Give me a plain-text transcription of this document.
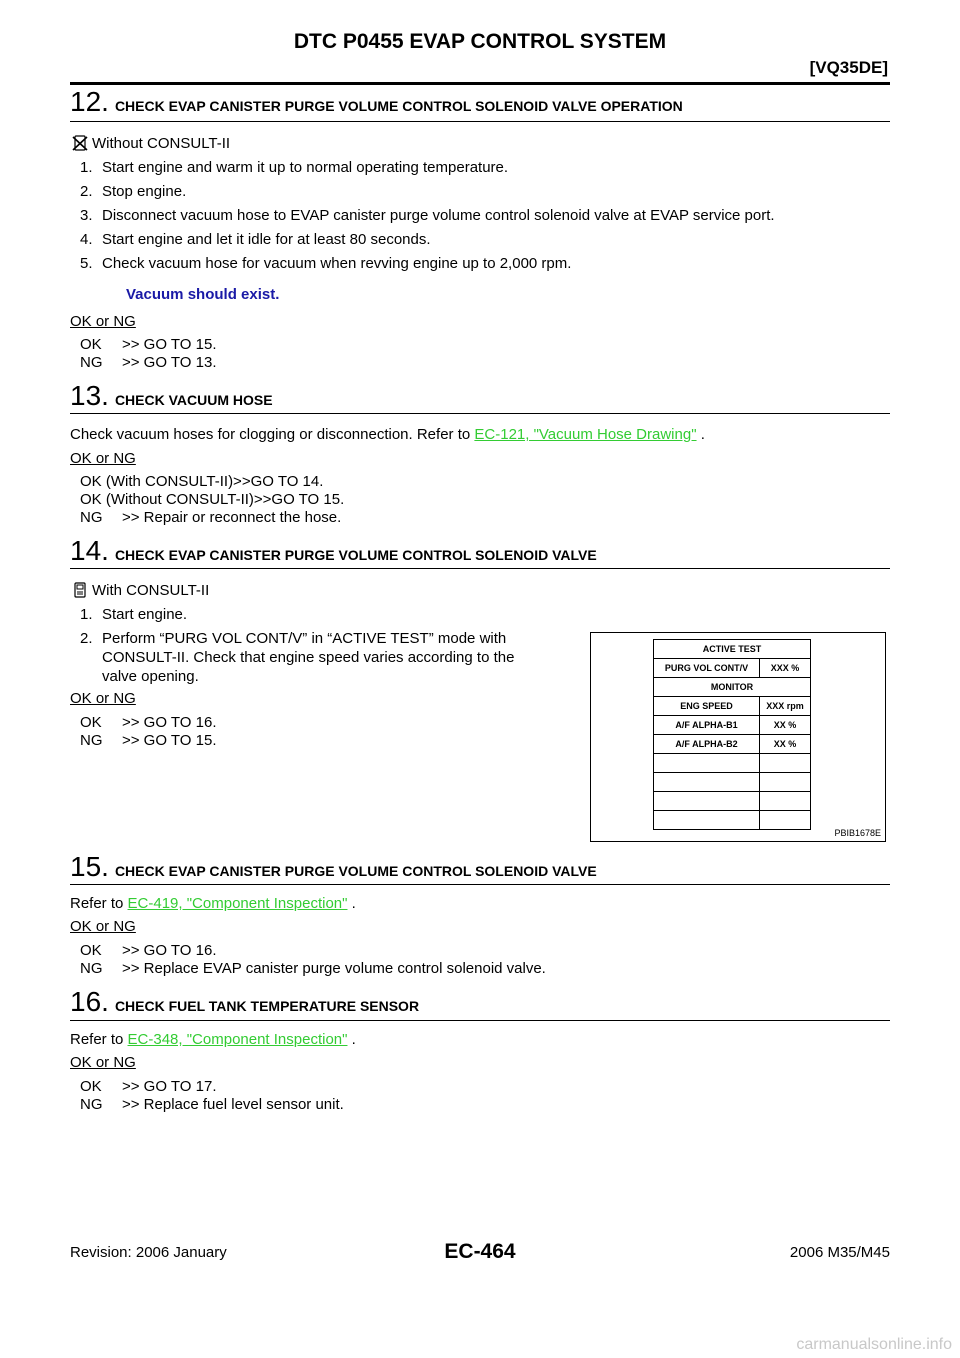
DTC P0455 EVAP CONTROL SYSTEM
[VQ35DE]
12. CHECK EVAP CANISTER PURGE VOLUME CONTROL SOLENOID VALVE OPERATION
Without CONSULT-II
1. Start engine and warm it up to normal operating temperature.
2. Stop engine.
3. Disconnect vacuum hose to EVAP canister purge volume control solenoid valve at EVAP service port.
4. Start engine and let it idle for at least 80 seconds.
5. Check vacuum hose for vacuum when revving engine up to 2,000 rpm.
Vacuum should exist.
OK or NG
OK >> GO TO 15.
NG >> GO TO 13.
13. CHECK VACUUM HOSE
Check vacuum hoses for clogging or disconnection. Refer to EC-121, "Vacuum Hose Drawing" .
OK or NG
OK (With CONSULT-II)>>GO TO 14.
OK (Without CONSULT-II)>>GO TO 15.
NG >> Repair or reconnect the hose.
14. CHECK EVAP CANISTER PURGE VOLUME CONTROL SOLENOID VALVE
With CONSULT-II
1. Start engine.
2. Perform “PURG VOL CONT/V” in “ACTIVE TEST” mode with
CONSULT-II. Check that engine speed varies according to the
valve opening.
OK or NG
OK >> GO TO 16.
NG >> GO TO 15.
ACTIVE TEST	
PURG VOL CONT/V	XXX %
MONITOR	
ENG SPEED	XXX rpm
A/F ALPHA-B1	XX %
A/F ALPHA-B2	XX %

PBIB1678E
15. CHECK EVAP CANISTER PURGE VOLUME CONTROL SOLENOID VALVE
Refer to EC-419, "Component Inspection" .
OK or NG
OK >> GO TO 16.
NG >> Replace EVAP canister purge volume control solenoid valve.
16. CHECK FUEL TANK TEMPERATURE SENSOR
Refer to EC-348, "Component Inspection" .
OK or NG
OK >> GO TO 17.
NG >> Replace fuel level sensor unit.
Revision: 2006 January	EC-464	2006 M35/M45
carmanualsonline.info
